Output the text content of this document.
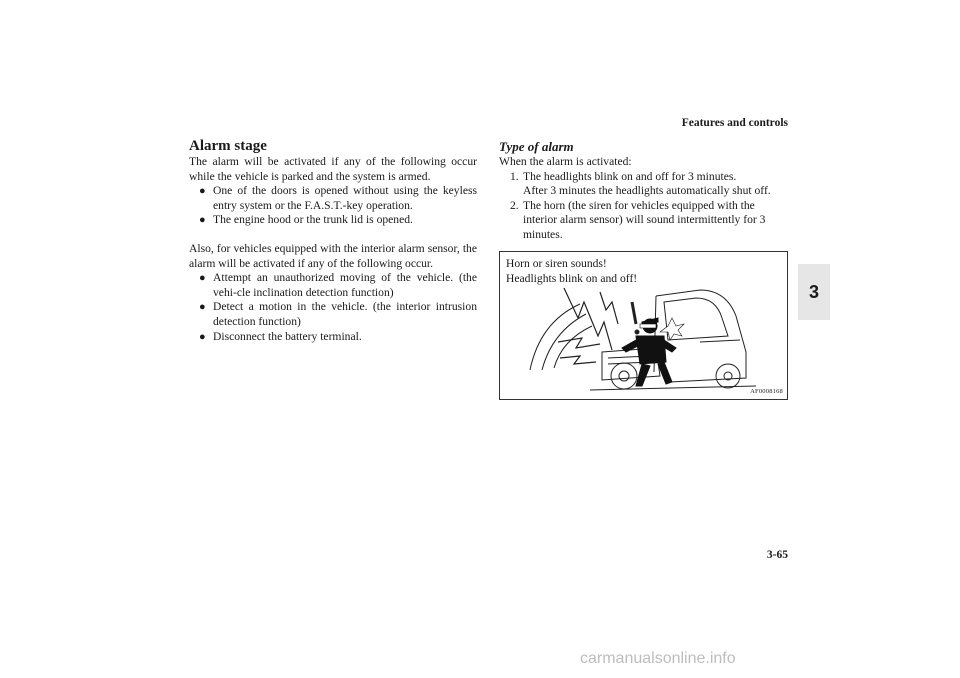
Features and controls
3
Alarm stage

The alarm will be activated if any of the following occur while the vehicle is parked and the system is armed.

● One of the doors is opened without using the keyless entry system or the F.A.S.T.-key operation.
● The engine hood or the trunk lid is opened.

Also, for vehicles equipped with the interior alarm sensor, the alarm will be activated if any of the following occur.

● Attempt an unauthorized moving of the vehicle. (the vehi-cle inclination detection function)
● Detect a motion in the vehicle. (the interior intrusion detection function)
● Disconnect the battery terminal.
Type of alarm

When the alarm is activated:

1. The headlights blink on and off for 3 minutes.
After 3 minutes the headlights automatically shut off.
2. The horn (the siren for vehicles equipped with the interior alarm sensor) will sound intermittently for 3 minutes.
Horn or siren sounds!
Headlights blink on and off!
AF0008168
3-65
carmanualsonline.info
